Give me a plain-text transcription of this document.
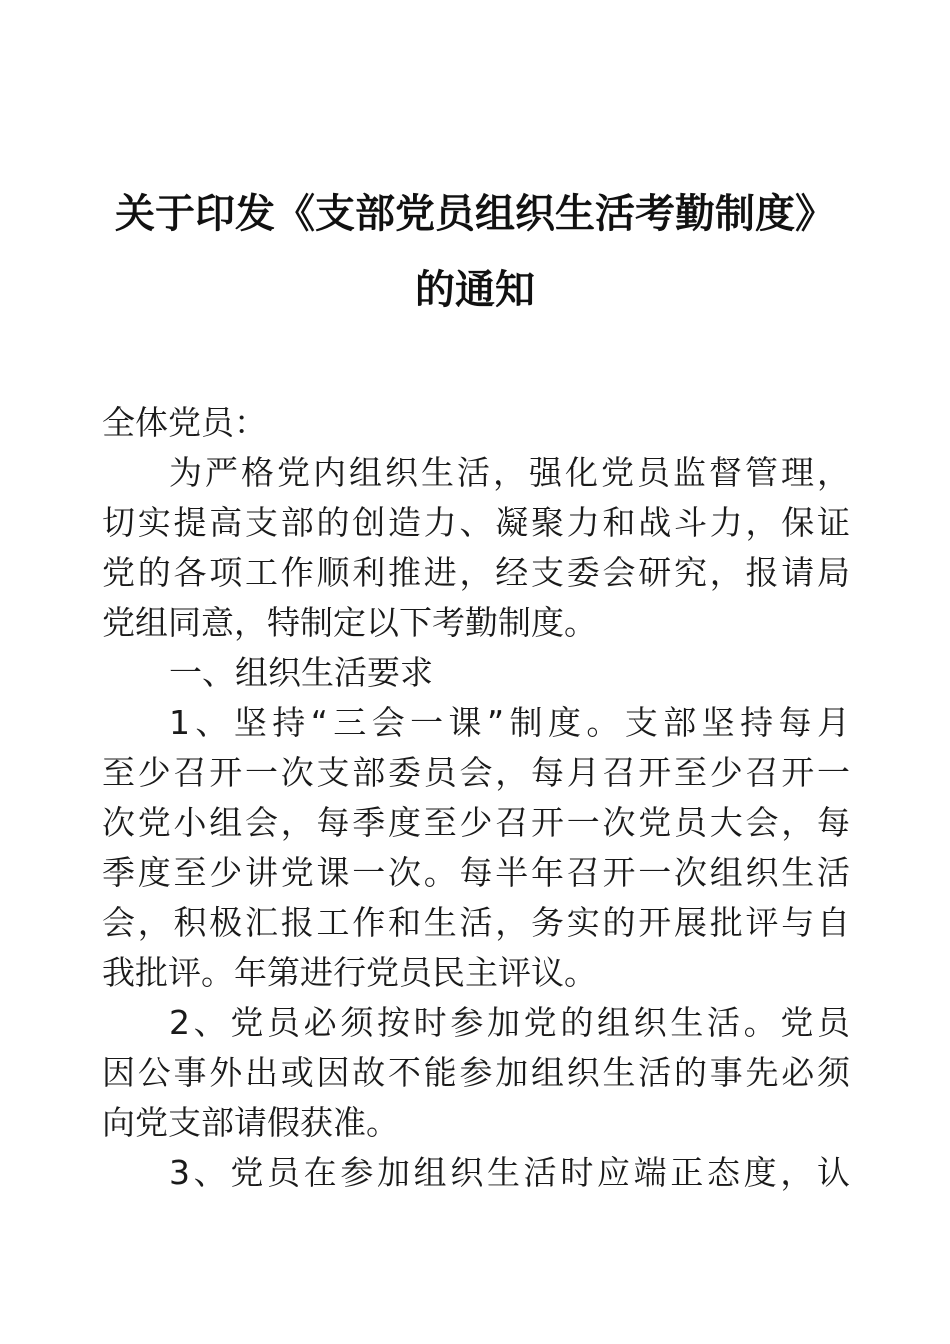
关于印发《支部党员组织生活考勤制度》
的通知
全体党员：
为严格党内组织生活，强化党员监督管理，
切实提高支部的创造力、凝聚力和战斗力，保证
党的各项工作顺利推进，经支委会研究，报请局
党组同意，特制定以下考勤制度。
一、组织生活要求
1、坚持“三会一课”制度。支部坚持每月
至少召开一次支部委员会，每月召开至少召开一
次党小组会，每季度至少召开一次党员大会，每
季度至少讲党课一次。每半年召开一次组织生活
会，积极汇报工作和生活，务实的开展批评与自
我批评。年第进行党员民主评议。
2、党员必须按时参加党的组织生活。党员
因公事外出或因故不能参加组织生活的事先必须
向党支部请假获准。
3、党员在参加组织生活时应端正态度，认
